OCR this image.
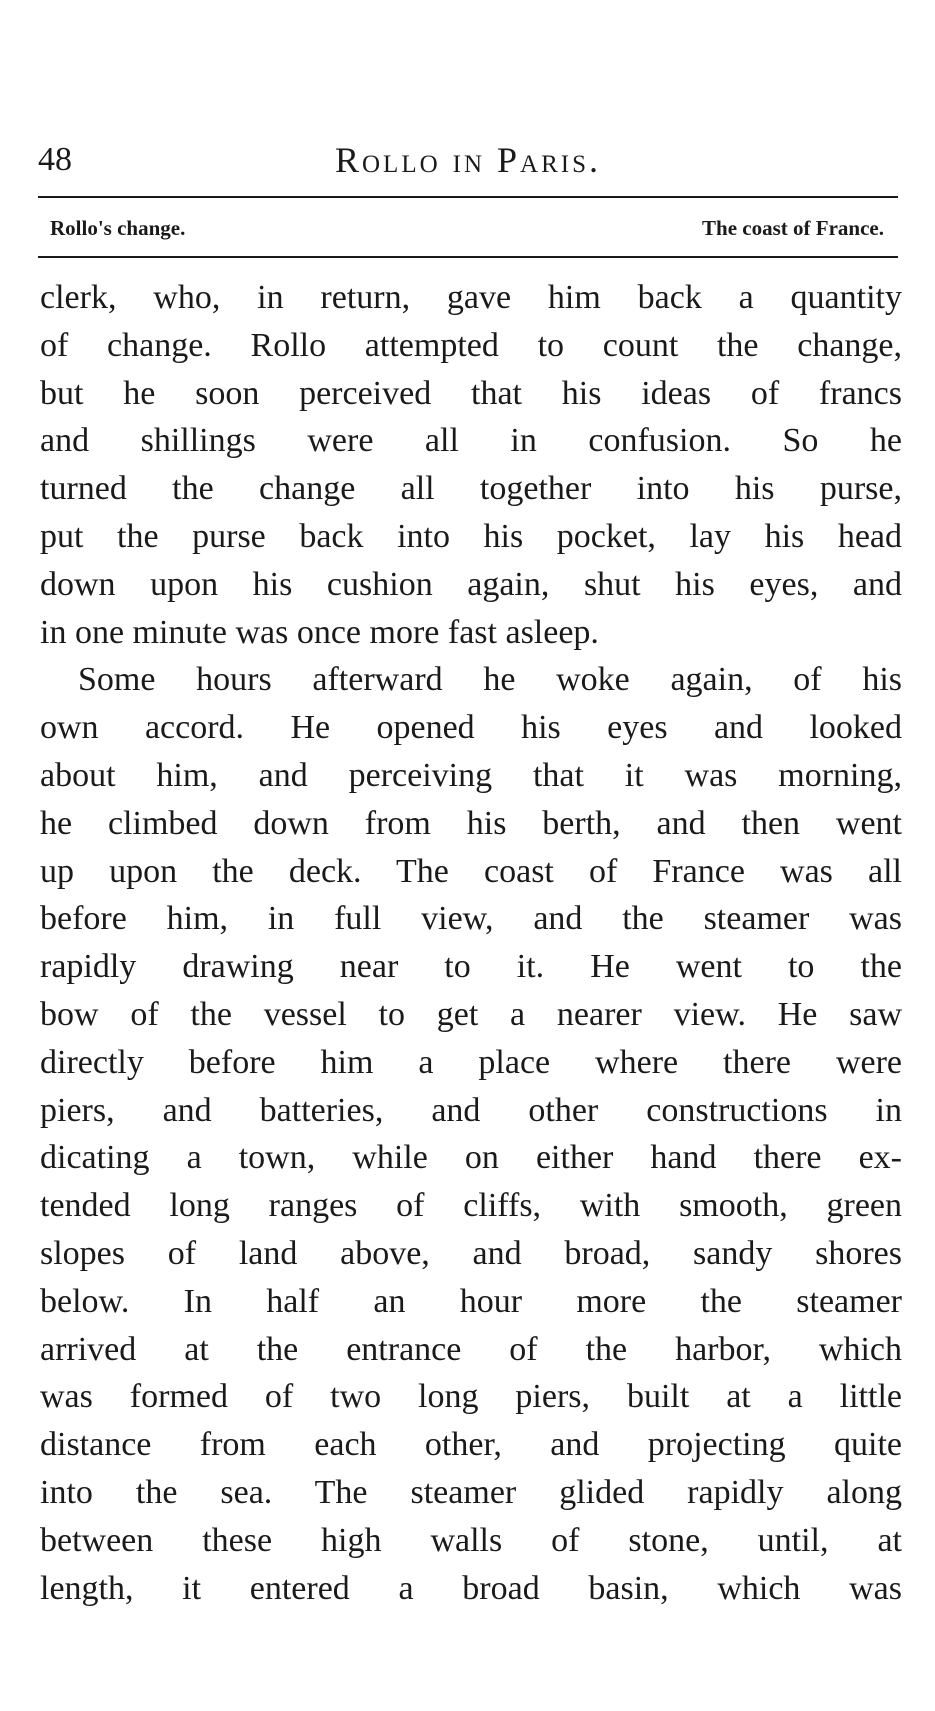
48	Rollo in Paris.
Rollo's change.	The coast of France.
clerk, who, in return, gave him back a quantity
of change. Rollo attempted to count the change,
but he soon perceived that his ideas of francs
and shillings were all in confusion. So he
turned the change all together into his purse,
put the purse back into his pocket, lay his head
down upon his cushion again, shut his eyes, and
in one minute was once more fast asleep.
Some hours afterward he woke again, of his
own accord. He opened his eyes and looked
about him, and perceiving that it was morning,
he climbed down from his berth, and then went
up upon the deck. The coast of France was all
before him, in full view, and the steamer was
rapidly drawing near to it. He went to the
bow of the vessel to get a nearer view. He saw
directly before him a place where there were
piers, and batteries, and other constructions in
dicating a town, while on either hand there ex-
tended long ranges of cliffs, with smooth, green
slopes of land above, and broad, sandy shores
below. In half an hour more the steamer
arrived at the entrance of the harbor, which
was formed of two long piers, built at a little
distance from each other, and projecting quite
into the sea. The steamer glided rapidly along
between these high walls of stone, until, at
length, it entered a broad basin, which was
